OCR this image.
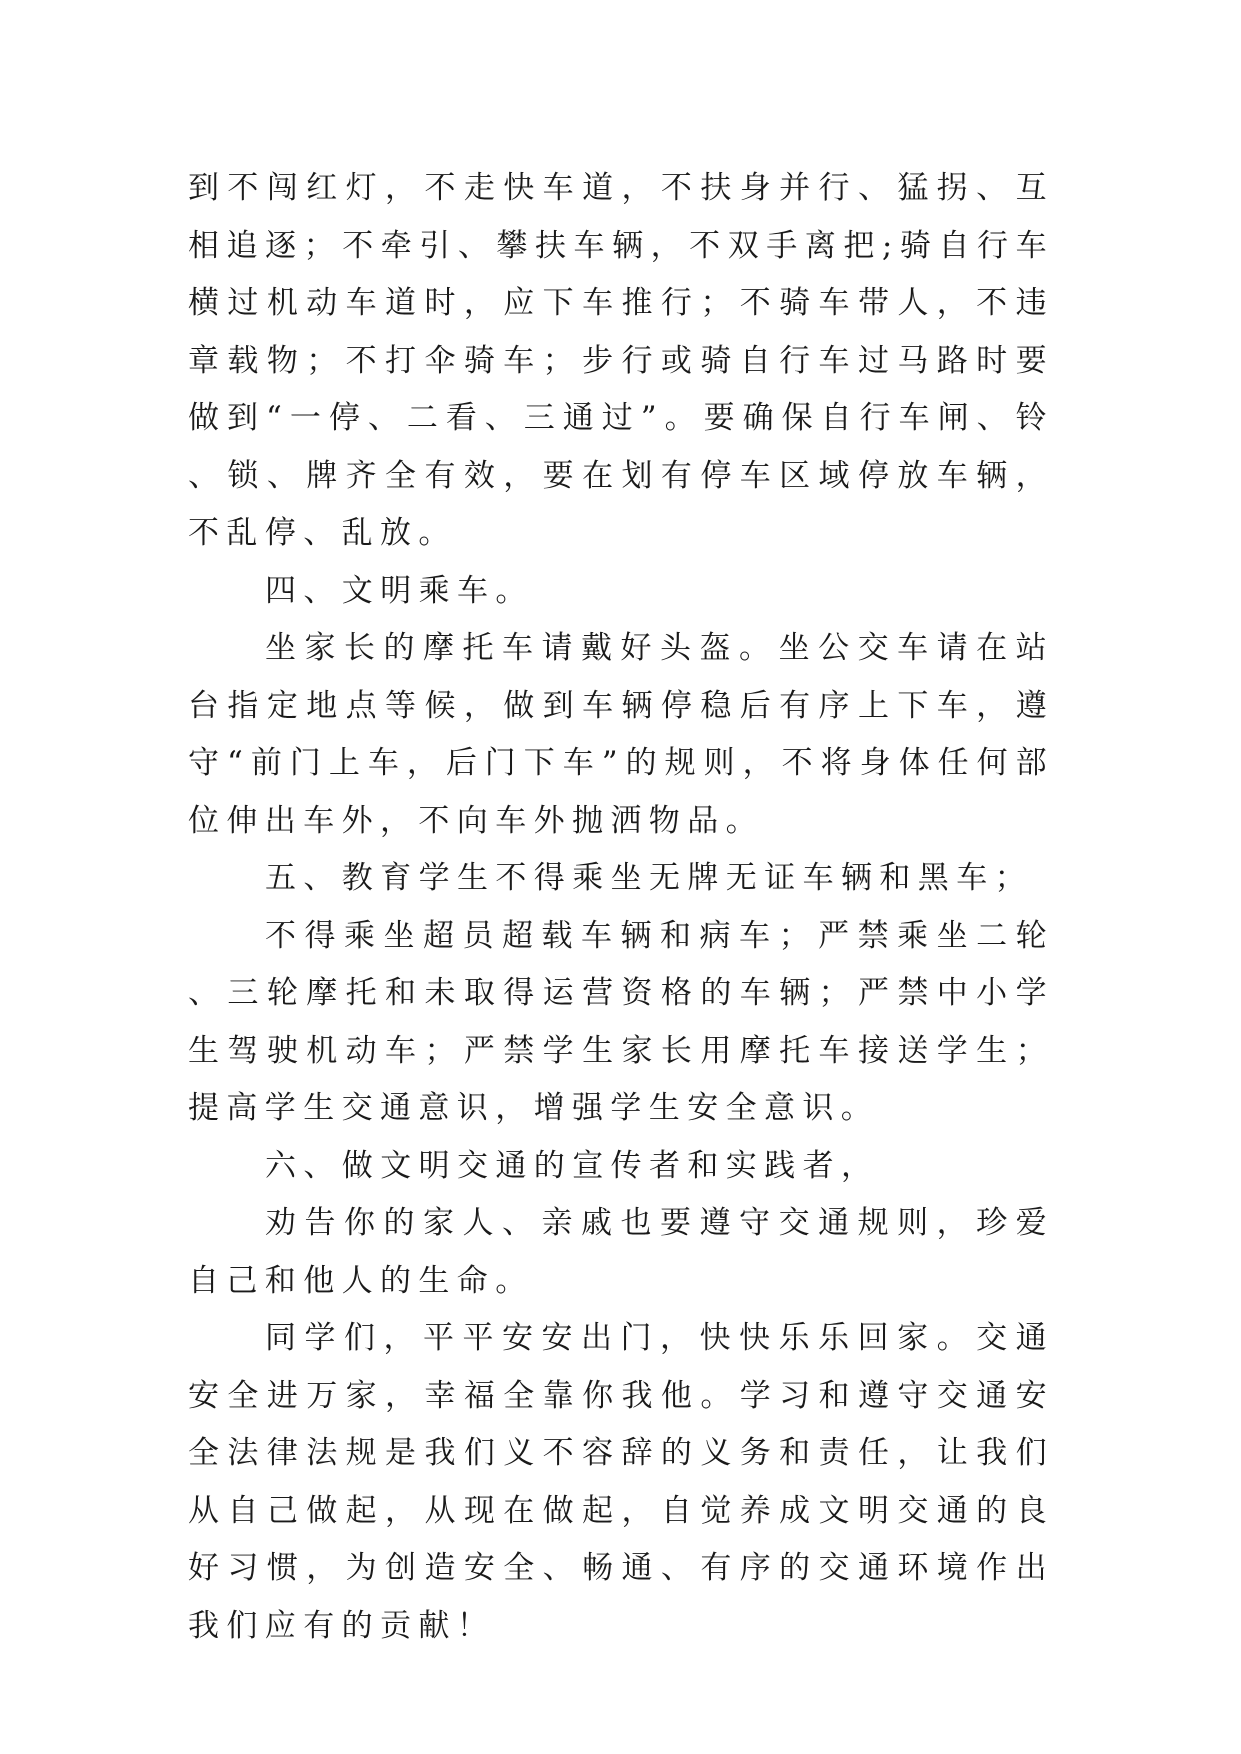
到不闯红灯，不走快车道，不扶身并行、猛拐、互相追逐；不牵引、攀扶车辆，不双手离把;骑自行车横过机动车道时，应下车推行；不骑车带人，不违章载物；不打伞骑车；步行或骑自行车过马路时要做到“一停、二看、三通过”。要确保自行车闸、铃、锁、牌齐全有效，要在划有停车区域停放车辆，不乱停、乱放。

四、文明乘车。

坐家长的摩托车请戴好头盔。坐公交车请在站台指定地点等候，做到车辆停稳后有序上下车，遵守“前门上车，后门下车”的规则，不将身体任何部位伸出车外，不向车外抛洒物品。

五、教育学生不得乘坐无牌无证车辆和黑车；

不得乘坐超员超载车辆和病车；严禁乘坐二轮、三轮摩托和未取得运营资格的车辆；严禁中小学生驾驶机动车；严禁学生家长用摩托车接送学生；提高学生交通意识，增强学生安全意识。

六、做文明交通的宣传者和实践者，

劝告你的家人、亲戚也要遵守交通规则，珍爱自己和他人的生命。

同学们，平平安安出门，快快乐乐回家。交通安全进万家，幸福全靠你我他。学习和遵守交通安全法律法规是我们义不容辞的义务和责任，让我们从自己做起，从现在做起，自觉养成文明交通的良好习惯，为创造安全、畅通、有序的交通环境作出我们应有的贡献！
